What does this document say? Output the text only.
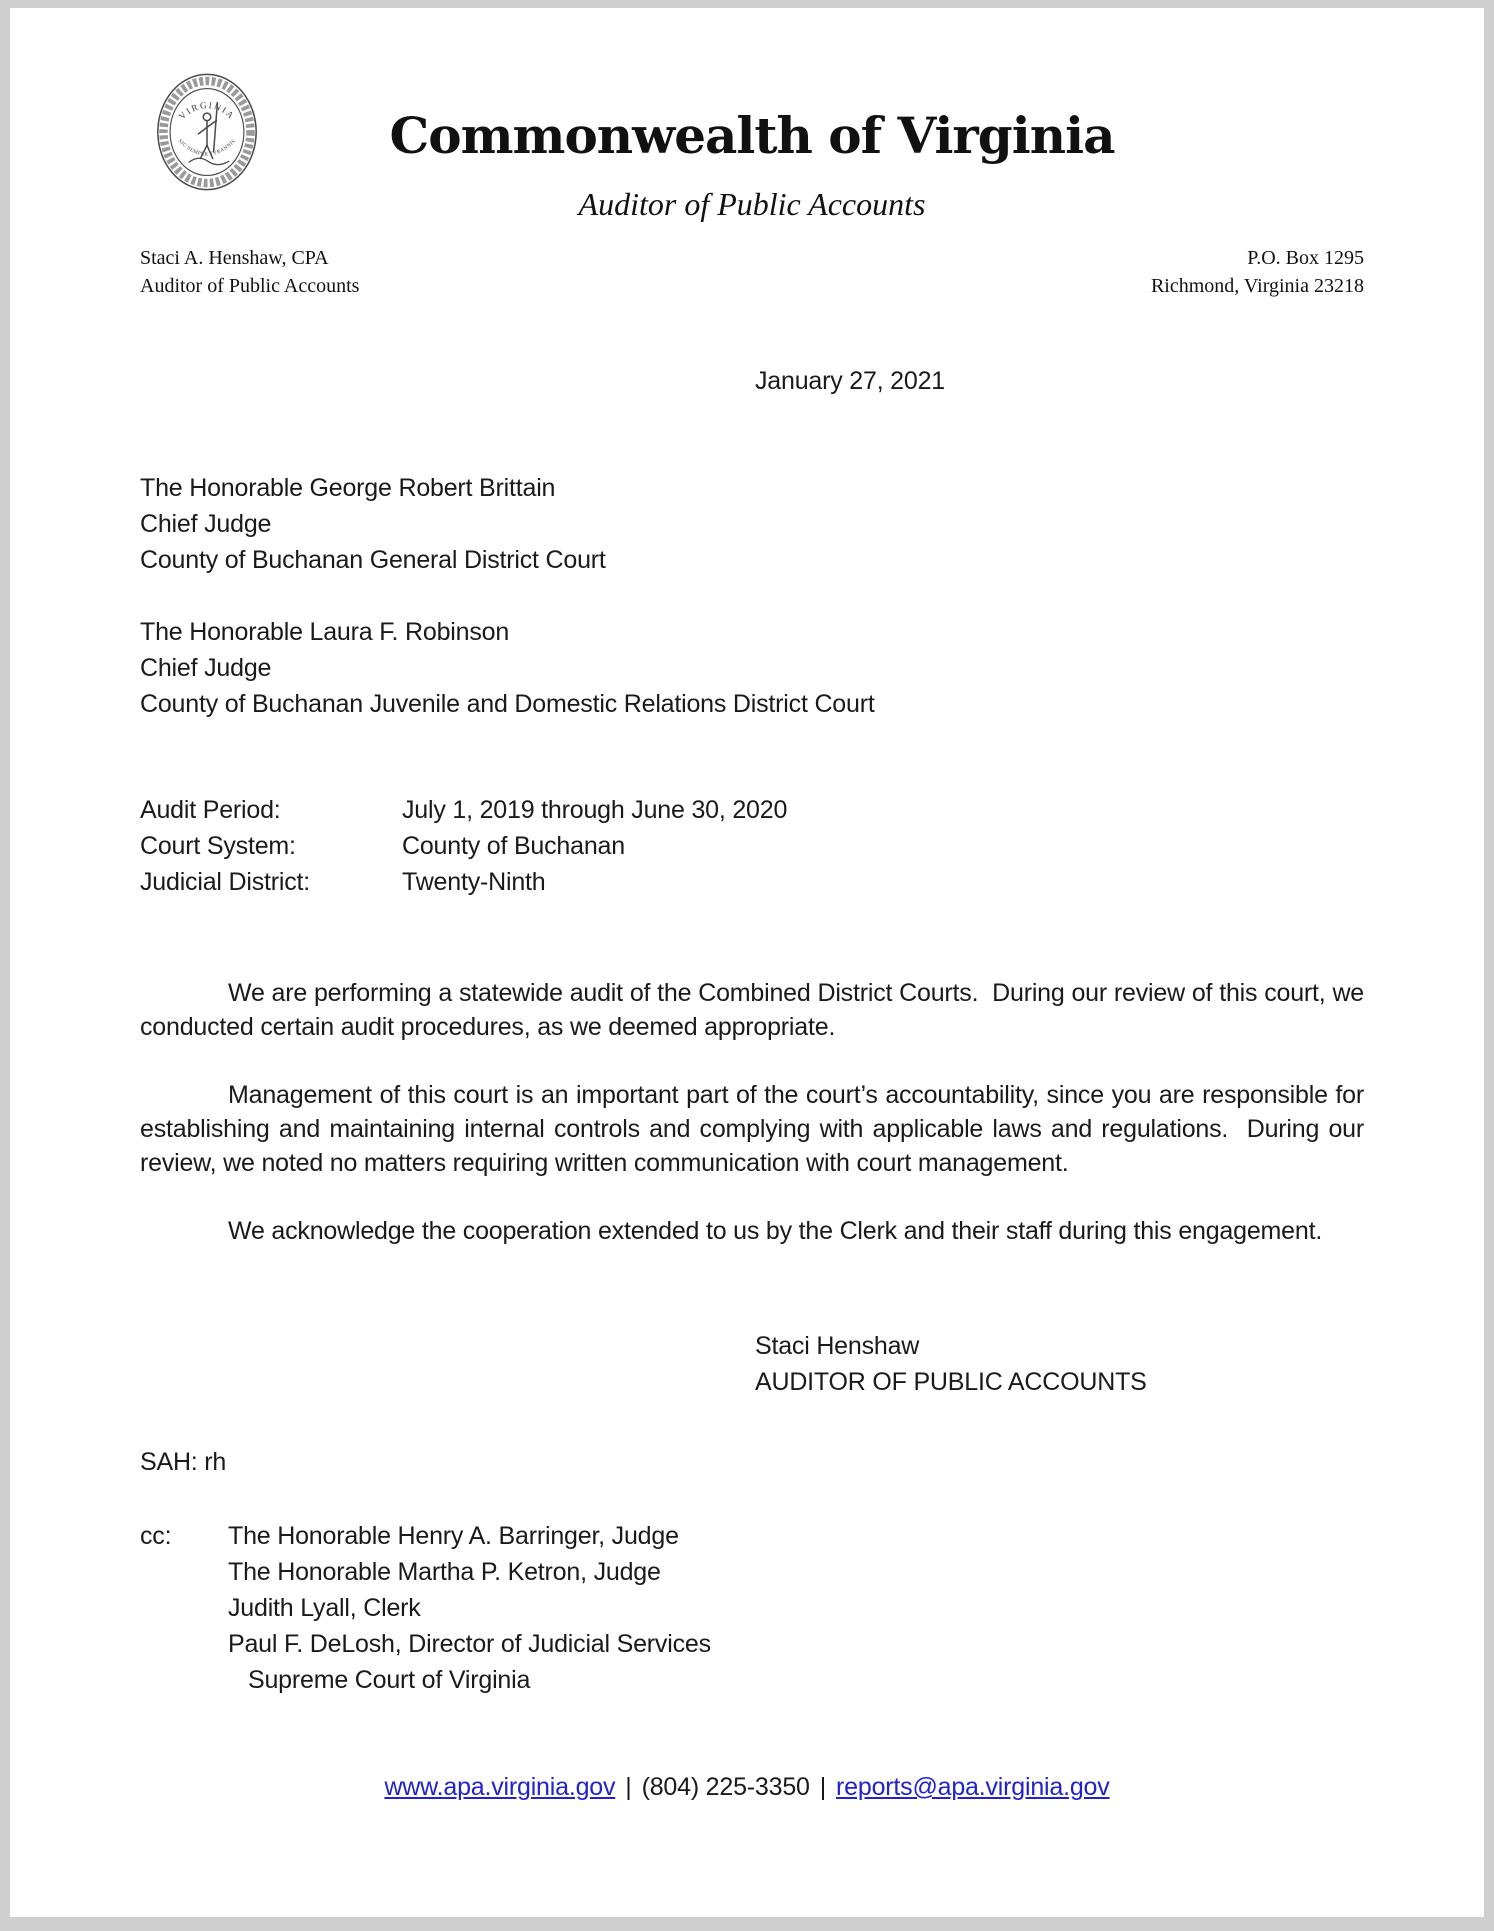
VIRGINIA
SIC SEMPER TYRANNIS	Commonwealth of Virginia
Auditor of Public Accounts
Staci A. Henshaw, CPA
Auditor of Public Accounts
P.O. Box 1295
Richmond, Virginia 23218
January 27, 2021
The Honorable George Robert Brittain
Chief Judge
County of Buchanan General District Court
The Honorable Laura F. Robinson
Chief Judge
County of Buchanan Juvenile and Domestic Relations District Court
Audit Period:	July 1, 2019 through June 30, 2020
Court System:	County of Buchanan
Judicial District:	Twenty-Ninth

We are performing a statewide audit of the Combined District Courts.  During our review of this court, we conducted certain audit procedures, as we deemed appropriate.

Management of this court is an important part of the court’s accountability, since you are responsible for establishing and maintaining internal controls and complying with applicable laws and regulations.  During our review, we noted no matters requiring written communication with court management.

We acknowledge the cooperation extended to us by the Clerk and their staff during this engagement.

Staci Henshaw
AUDITOR OF PUBLIC ACCOUNTS
SAH: rh
cc:	The Honorable Henry A. Barringer, Judge
The Honorable Martha P. Ketron, Judge
Judith Lyall, Clerk
Paul F. DeLosh, Director of Judicial Services
Supreme Court of Virginia
www.apa.virginia.gov | (804) 225-3350 | reports@apa.virginia.gov
